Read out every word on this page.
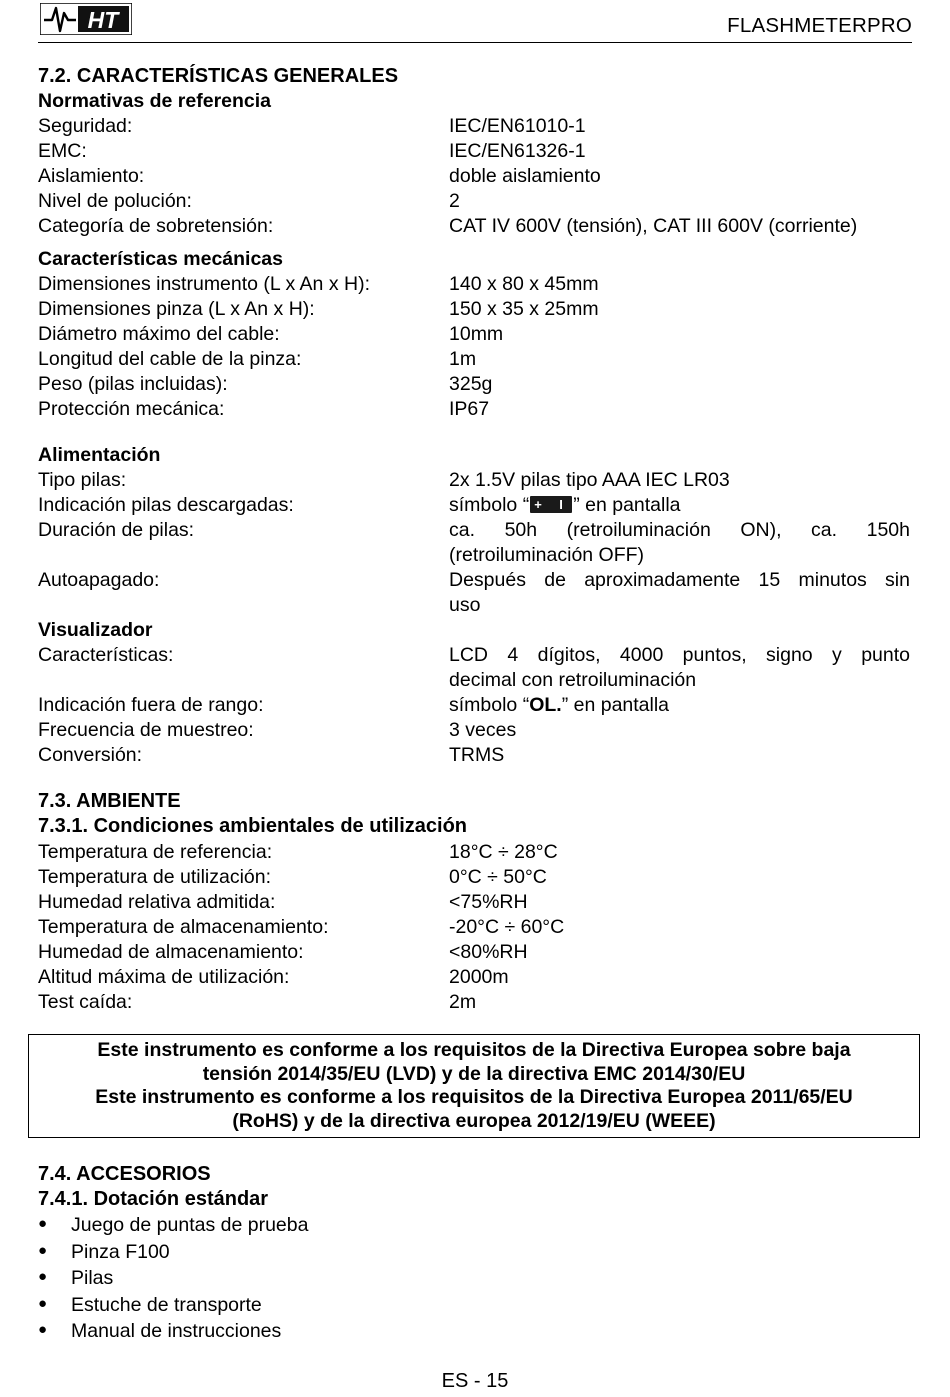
HT	FLASHMETERPRO
7.2. CARACTERÍSTICAS GENERALES
Normativas de referencia
Seguridad:	IEC/EN61010-1
EMC:	IEC/EN61326-1
Aislamiento:	doble aislamiento
Nivel de polución:	2
Categoría de sobretensión:	CAT IV 600V (tensión), CAT III 600V (corriente)
Características mecánicas
Dimensiones instrumento (L x An x H):	140 x 80 x 45mm
Dimensiones pinza (L x An x H):	150 x 35 x 25mm
Diámetro máximo del cable:	10mm
Longitud del cable de la pinza:	1m
Peso (pilas incluidas):	325g
Protección mecánica:	IP67
Alimentación
Tipo pilas:	2x 1.5V pilas tipo AAA IEC LR03
Indicación pilas descargadas:	símbolo “ + I ” en pantalla
Duración de pilas:	ca. 50h (retroiluminación ON), ca. 150h
(retroiluminación OFF)
Autoapagado:	Después de aproximadamente 15 minutos sin
uso
Visualizador
Características:	LCD 4 dígitos, 4000 puntos, signo y punto
decimal con retroiluminación
Indicación fuera de rango:	símbolo “OL.” en pantalla
Frecuencia de muestreo:	3 veces
Conversión:	TRMS
7.3. AMBIENTE
7.3.1. Condiciones ambientales de utilización
Temperatura de referencia:	18°C ÷ 28°C
Temperatura de utilización:	0°C ÷ 50°C
Humedad relativa admitida:	<75%RH
Temperatura de almacenamiento:	-20°C ÷ 60°C
Humedad de almacenamiento:	<80%RH
Altitud máxima de utilización:	2000m
Test caída:	2m
Este instrumento es conforme a los requisitos de la Directiva Europea sobre baja
tensión 2014/35/EU (LVD) y de la directiva EMC 2014/30/EU
Este instrumento es conforme a los requisitos de la Directiva Europea 2011/65/EU
(RoHS) y de la directiva europea 2012/19/EU (WEEE)
7.4. ACCESORIOS
7.4.1. Dotación estándar
● Juego de puntas de prueba
● Pinza F100
● Pilas
● Estuche de transporte
● Manual de instrucciones
ES - 15
